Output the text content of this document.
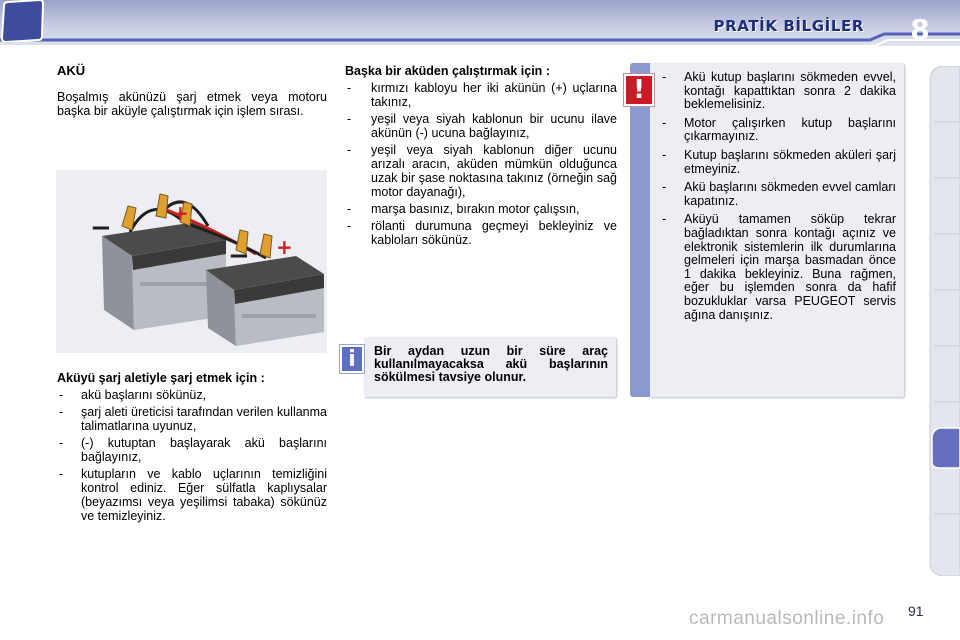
PRATİK BİLGİLER	8
AKÜ

Boşalmış akünüzü şarj etmek veya motoru başka bir aküyle çalıştırmak için işlem sırası.

−	+
− +
Aküyü şarj aletiyle şarj etmek için :
- akü başlarını sökünüz,
- şarj aleti üreticisi tarafından verilen kullanma talimatlarına uyunuz,
- (-) kutuptan başlayarak akü başlarını bağlayınız,
- kutupların ve kablo uçlarının temizliğini kontrol ediniz. Eğer sülfatla kaplıysalar (beyazımsı veya yeşilimsi tabaka) sökünüz ve temizleyiniz.
Başka bir aküden çalıştırmak için :
- kırmızı kabloyu her iki akünün (+) uçlarına takınız,
- yeşil veya siyah kablonun bir ucunu ilave akünün (-) ucuna bağlayınız,
- yeşil veya siyah kablonun diğer ucunu arızalı aracın, aküden mümkün olduğunca uzak bir şase noktasına takınız (örneğin sağ motor dayanağı),
- marşa basınız, bırakın motor çalışsın,
- rölanti durumuna geçmeyi bekleyiniz ve kabloları sökünüz.
Bir aydan uzun bir süre araç kullanılmayacaksa akü başlarının sökülmesi tavsiye olunur.
i
- Akü kutup başlarını sökmeden evvel, kontağı kapattıktan sonra 2 dakika beklemelisiniz.
- Motor çalışırken kutup başlarını çıkarmayınız.
- Kutup başlarını sökmeden aküleri şarj etmeyiniz.
- Akü başlarını sökmeden evvel camları kapatınız.
- Aküyü tamamen söküp tekrar bağladıktan sonra kontağı açınız ve elektronik sistemlerin ilk durumlarına gelmeleri için marşa basmadan önce 1 dakika bekleyiniz. Buna rağmen, eğer bu işlemden sonra da hafif bozukluklar varsa PEUGEOT servis ağına danışınız.
!
91
carmanualsonline.info
